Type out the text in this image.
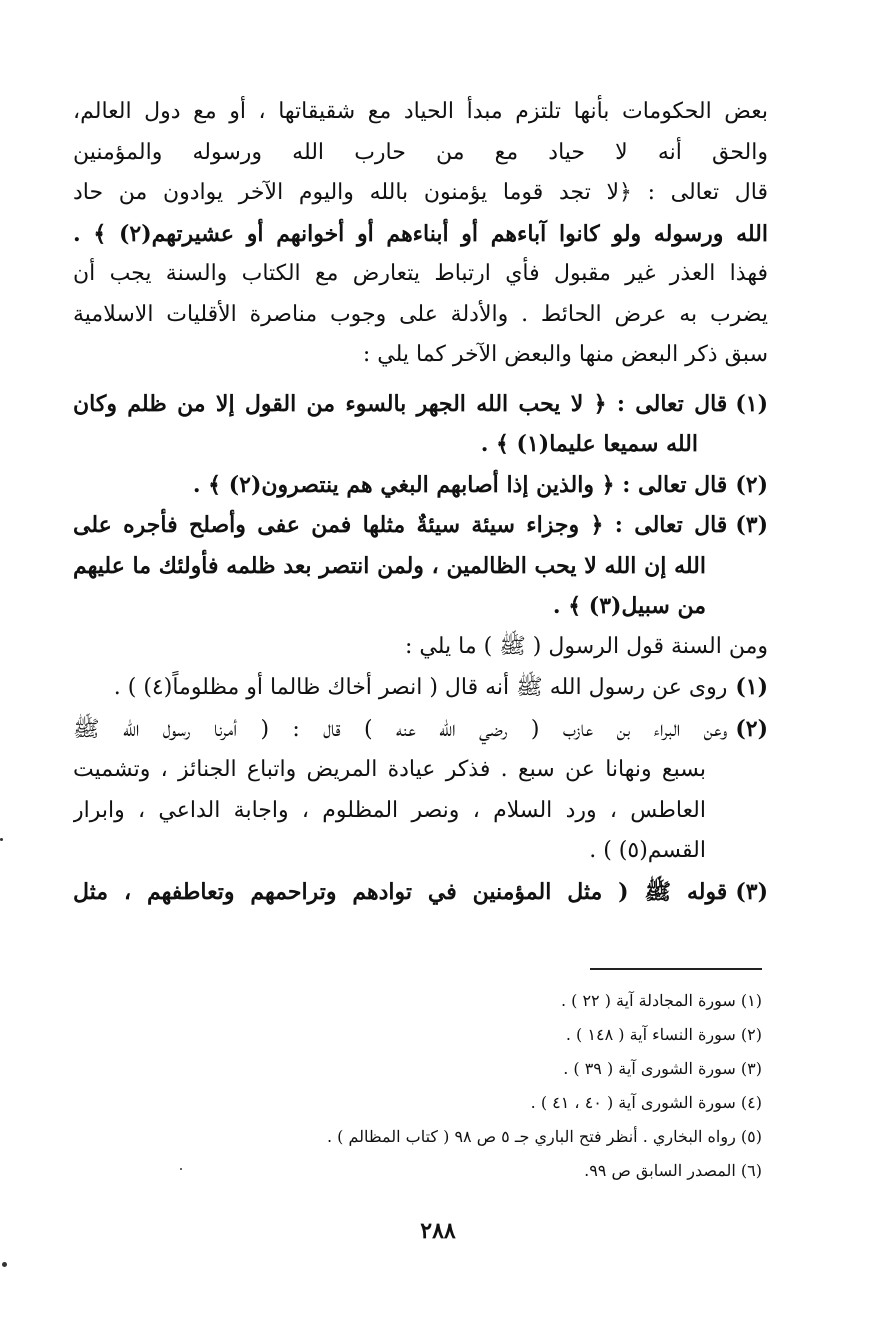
بعض الحكومات بأنها تلتزم مبدأ الحياد مع شقيقاتها ، أو مع دول العالم،
والحق أنه لا حياد مع من حارب الله ورسوله والمؤمنين
قال تعالى : ﴿لا تجد قوما يؤمنون بالله واليوم الآخر يوادون من حاد
الله ورسوله ولو كانوا آباءهم أو أبناءهم أو أخوانهم أو عشيرتهم(٢) ﴾ .
فهذا العذر غير مقبول فأي ارتباط يتعارض مع الكتاب والسنة يجب أن
يضرب به عرض الحائط . والأدلة على وجوب مناصرة الأقليات الاسلامية
سبق ذكر البعض منها والبعض الآخر كما يلي :
(١)قال تعالى : ﴿ لا يحب الله الجهر بالسوء من القول إلا من ظلم وكان
الله سميعا عليما(١) ﴾ .
(٢)قال تعالى : ﴿ والذين إذا أصابهم البغي هم ينتصرون(٢) ﴾ .
(٣)قال تعالى : ﴿ وجزاء سيئة سيئةٌ مثلها فمن عفى وأصلح فأجره على
الله إن الله لا يحب الظالمين ، ولمن انتصر بعد ظلمه فأولئك ما عليهم
من سبيل(٣) ﴾ .
ومن السنة قول الرسول ( ﷺ ) ما يلي :
(١)روى عن رسول الله ﷺ أنه قال ( انصر أخاك ظالما أو مظلوماً(٤) ) .
(٢)وعن البراء بن عازب ( رضي الله عنه ) قال : ( أمرنا رسول الله ﷺ
بسبع ونهانا عن سبع . فذكر عيادة المريض واتباع الجنائز ، وتشميت
العاطس ، ورد السلام ، ونصر المظلوم ، واجابة الداعي ، وابرار
القسم(٥) ) .
(٣)قوله ﷺ ( مثل المؤمنين في توادهم وتراحمهم وتعاطفهم ، مثل
(١) سورة المجادلة آية ( ٢٢ ) .
(٢) سورة النساء آية ( ١٤٨ ) .
(٣) سورة الشورى آية ( ٣٩ ) .
(٤) سورة الشورى آية ( ٤٠ ، ٤١ ) .
(٥) رواه البخاري . أنظر فتح الباري جـ ٥ ص ٩٨ ( كتاب المظالم ) .
(٦) المصدر السابق ص ٩٩.
٢٨٨
